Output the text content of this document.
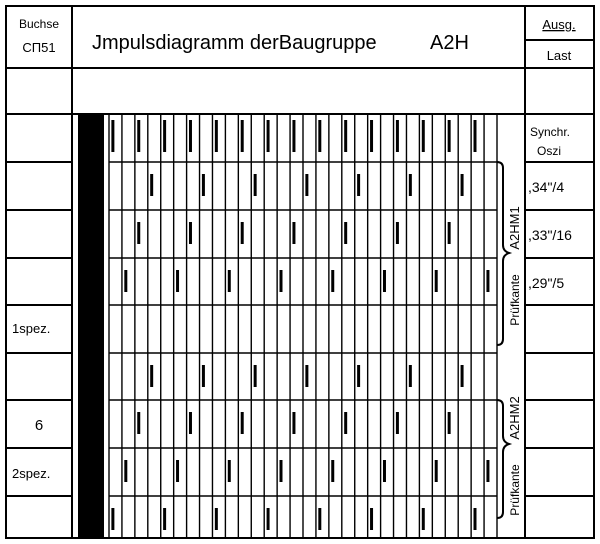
Buchse
CΠ51 Jmpulsdiagramm derBaugruppe	A2H
Ausg.
Last
1spez.
6
2spez.
Synchr.
Oszi
,34"/4
,33"/16
,29"/5
A2HM1
Prüfkante
A2HM2
Prüfkante
